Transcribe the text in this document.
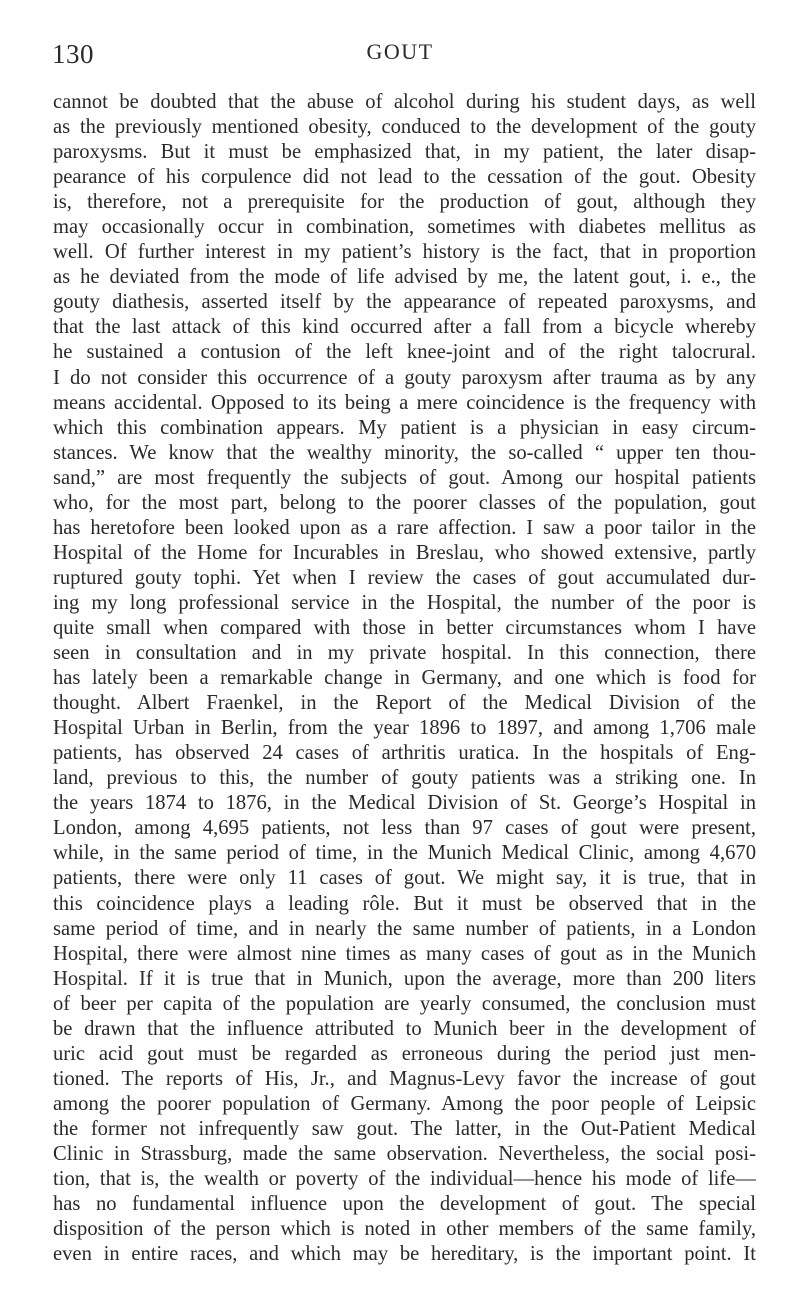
130	GOUT
cannot be doubted that the abuse of alcohol during his student days, as well
as the previously mentioned obesity, conduced to the development of the gouty
paroxysms. But it must be emphasized that, in my patient, the later disap-
pearance of his corpulence did not lead to the cessation of the gout. Obesity
is, therefore, not a prerequisite for the production of gout, although they
may occasionally occur in combination, sometimes with diabetes mellitus as
well. Of further interest in my patient’s history is the fact, that in proportion
as he deviated from the mode of life advised by me, the latent gout, i. e., the
gouty diathesis, asserted itself by the appearance of repeated paroxysms, and
that the last attack of this kind occurred after a fall from a bicycle whereby
he sustained a contusion of the left knee-joint and of the right talocrural.
I do not consider this occurrence of a gouty paroxysm after trauma as by any
means accidental. Opposed to its being a mere coincidence is the frequency with
which this combination appears. My patient is a physician in easy circum-
stances. We know that the wealthy minority, the so-called “ upper ten thou-
sand,” are most frequently the subjects of gout. Among our hospital patients
who, for the most part, belong to the poorer classes of the population, gout
has heretofore been looked upon as a rare affection. I saw a poor tailor in the
Hospital of the Home for Incurables in Breslau, who showed extensive, partly
ruptured gouty tophi. Yet when I review the cases of gout accumulated dur-
ing my long professional service in the Hospital, the number of the poor is
quite small when compared with those in better circumstances whom I have
seen in consultation and in my private hospital. In this connection, there
has lately been a remarkable change in Germany, and one which is food for
thought. Albert Fraenkel, in the Report of the Medical Division of the
Hospital Urban in Berlin, from the year 1896 to 1897, and among 1,706 male
patients, has observed 24 cases of arthritis uratica. In the hospitals of Eng-
land, previous to this, the number of gouty patients was a striking one. In
the years 1874 to 1876, in the Medical Division of St. George’s Hospital in
London, among 4,695 patients, not less than 97 cases of gout were present,
while, in the same period of time, in the Munich Medical Clinic, among 4,670
patients, there were only 11 cases of gout. We might say, it is true, that in
this coincidence plays a leading rôle. But it must be observed that in the
same period of time, and in nearly the same number of patients, in a London
Hospital, there were almost nine times as many cases of gout as in the Munich
Hospital. If it is true that in Munich, upon the average, more than 200 liters
of beer per capita of the population are yearly consumed, the conclusion must
be drawn that the influence attributed to Munich beer in the development of
uric acid gout must be regarded as erroneous during the period just men-
tioned. The reports of His, Jr., and Magnus-Levy favor the increase of gout
among the poorer population of Germany. Among the poor people of Leipsic
the former not infrequently saw gout. The latter, in the Out-Patient Medical
Clinic in Strassburg, made the same observation. Nevertheless, the social posi-
tion, that is, the wealth or poverty of the individual—hence his mode of life—
has no fundamental influence upon the development of gout. The special
disposition of the person which is noted in other members of the same family,
even in entire races, and which may be hereditary, is the important point. It
